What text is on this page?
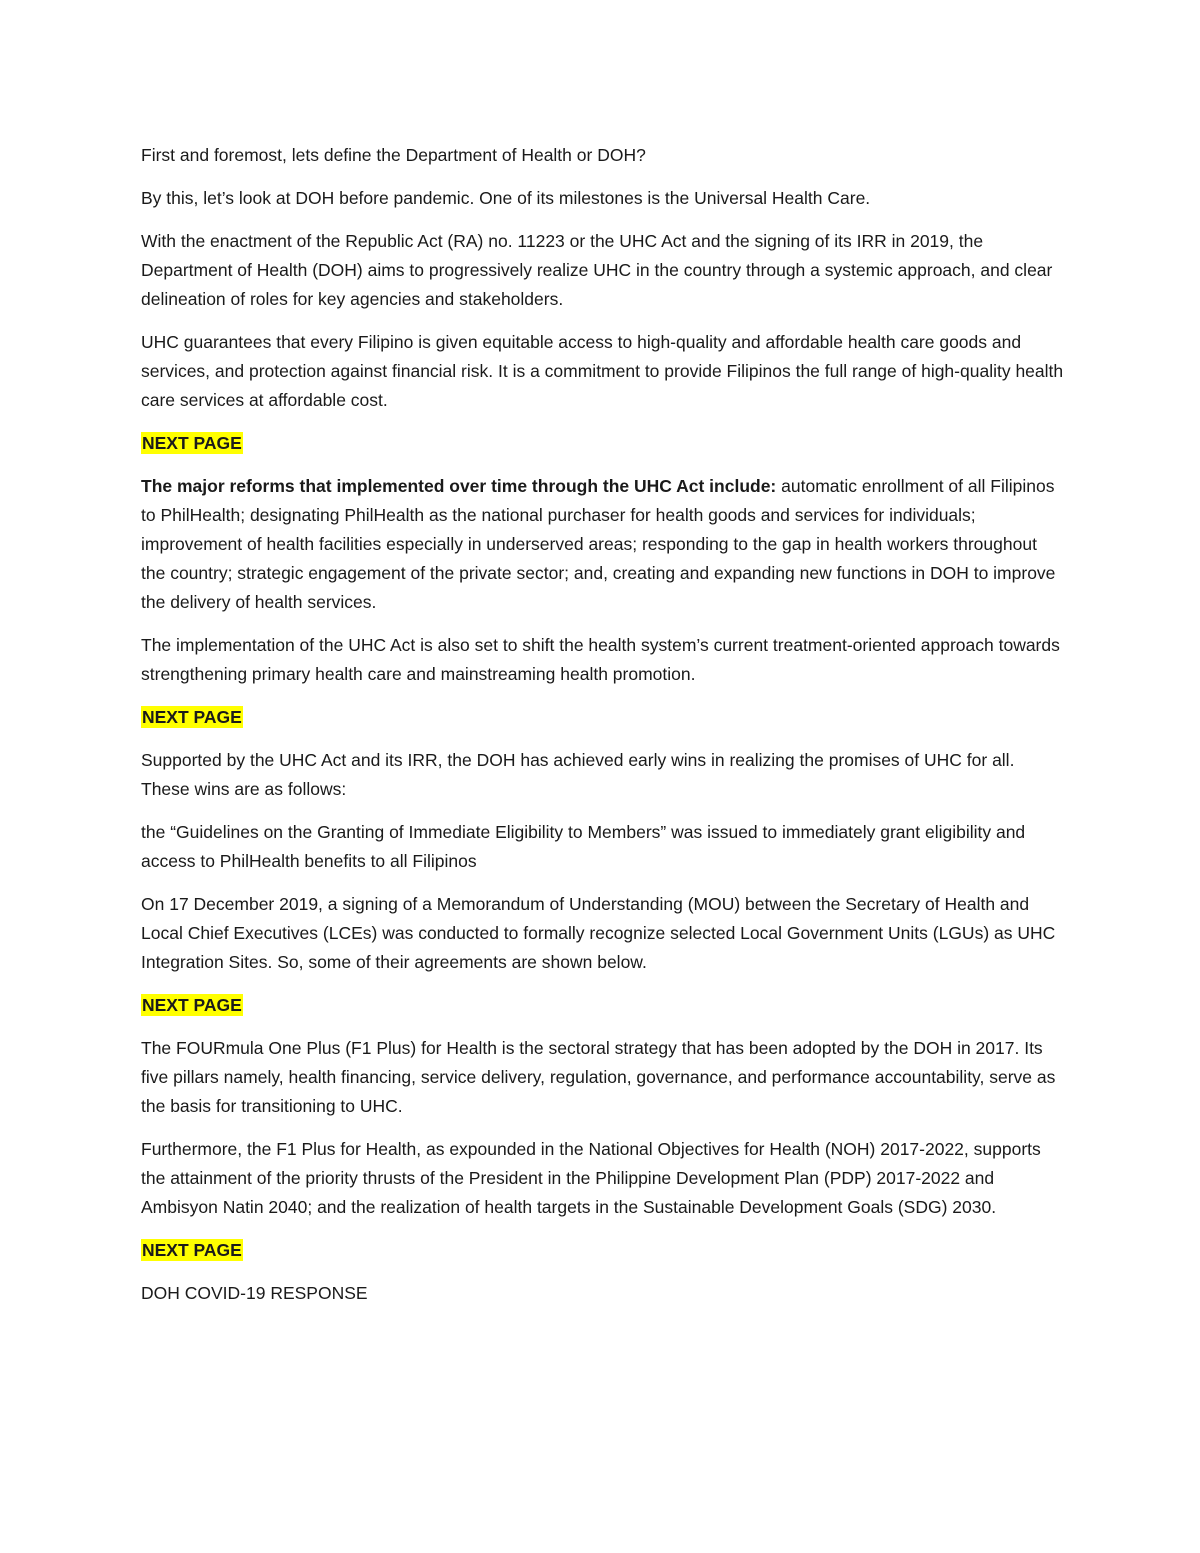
First and foremost, lets define the Department of Health or DOH?

By this, let’s look at DOH before pandemic. One of its milestones is the Universal Health Care.

With the enactment of the Republic Act (RA) no. 11223 or the UHC Act and the signing of its IRR in 2019, the Department of Health (DOH) aims to progressively realize UHC in the country through a systemic approach, and clear delineation of roles for key agencies and stakeholders.

UHC guarantees that every Filipino is given equitable access to high-quality and affordable health care goods and services, and protection against financial risk. It is a commitment to provide Filipinos the full range of high-quality health care services at affordable cost.

NEXT PAGE

The major reforms that implemented over time through the UHC Act include: automatic enrollment of all Filipinos to PhilHealth; designating PhilHealth as the national purchaser for health goods and services for individuals; improvement of health facilities especially in underserved areas; responding to the gap in health workers throughout the country; strategic engagement of the private sector; and, creating and expanding new functions in DOH to improve the delivery of health services.

The implementation of the UHC Act is also set to shift the health system’s current treatment-oriented approach towards strengthening primary health care and mainstreaming health promotion.

NEXT PAGE

Supported by the UHC Act and its IRR, the DOH has achieved early wins in realizing the promises of UHC for all. These wins are as follows:

the “Guidelines on the Granting of Immediate Eligibility to Members” was issued to immediately grant eligibility and access to PhilHealth benefits to all Filipinos

On 17 December 2019, a signing of a Memorandum of Understanding (MOU) between the Secretary of Health and Local Chief Executives (LCEs) was conducted to formally recognize selected Local Government Units (LGUs) as UHC Integration Sites. So, some of their agreements are shown below.

NEXT PAGE

The FOURmula One Plus (F1 Plus) for Health is the sectoral strategy that has been adopted by the DOH in 2017. Its five pillars namely, health financing, service delivery, regulation, governance, and performance accountability, serve as the basis for transitioning to UHC.

Furthermore, the F1 Plus for Health, as expounded in the National Objectives for Health (NOH) 2017-2022, supports the attainment of the priority thrusts of the President in the Philippine Development Plan (PDP) 2017-2022 and Ambisyon Natin 2040; and the realization of health targets in the Sustainable Development Goals (SDG) 2030.

NEXT PAGE

DOH COVID-19 RESPONSE
